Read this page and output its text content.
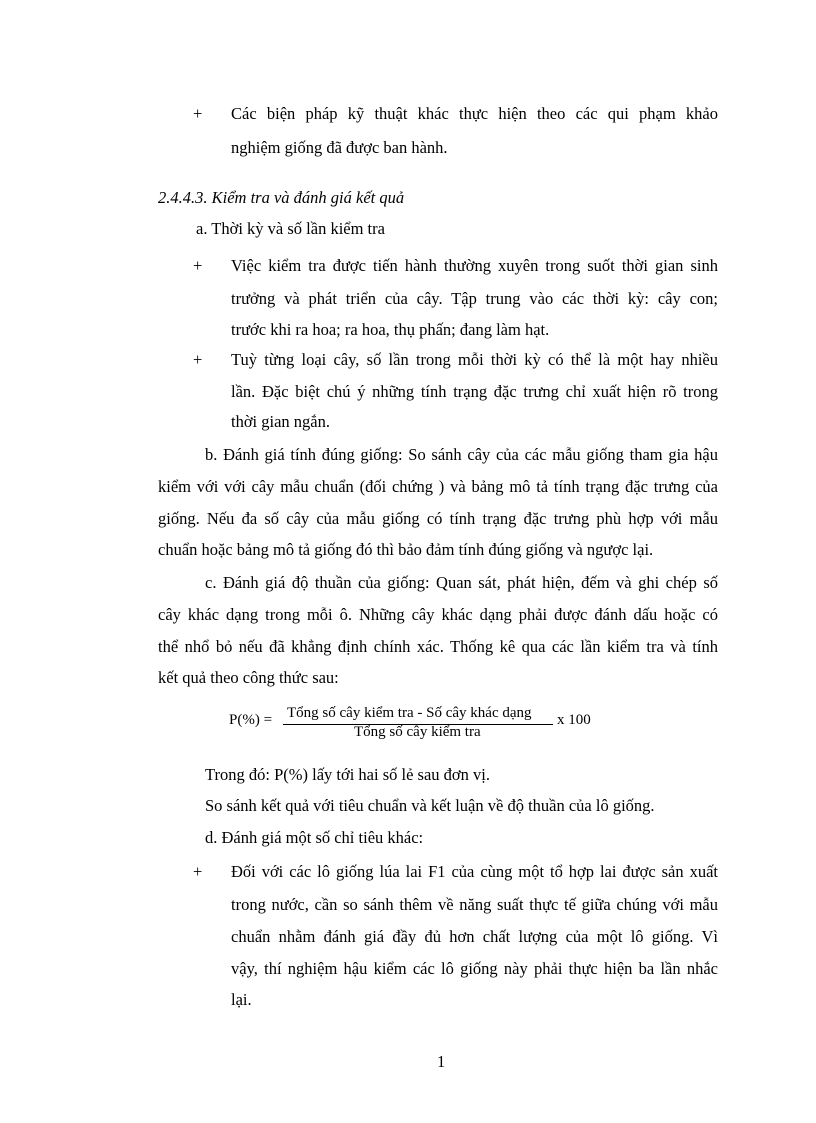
+ Các biện pháp kỹ thuật khác thực hiện theo các qui phạm khảo
nghiệm giống đã được ban hành.
2.4.4.3. Kiểm tra và đánh giá kết quả
a. Thời kỳ và số lần kiểm tra
+ Việc kiểm tra được tiến hành thường xuyên trong suốt thời gian sinh
trưởng và phát triển của cây. Tập trung vào các thời kỳ: cây con;
trước khi ra hoa; ra hoa, thụ phấn; đang làm hạt.
+ Tuỳ từng loại cây, số lần trong mỗi thời kỳ có thể là một hay nhiều
lần. Đặc biệt chú ý những tính trạng đặc trưng chỉ xuất hiện rõ trong
thời gian ngắn.
b. Đánh giá tính đúng giống: So sánh cây của các mẫu giống tham gia hậu
kiểm với với cây mẫu chuẩn (đối chứng ) và bảng mô tả tính trạng đặc trưng của
giống. Nếu đa số cây của mẫu giống có tính trạng đặc trưng phù hợp với mẫu
chuẩn hoặc bảng mô tả giống đó thì bảo đảm tính đúng giống và ngược lại.
c. Đánh giá độ thuần của giống: Quan sát, phát hiện, đếm và ghi chép số
cây khác dạng trong mỗi ô. Những cây khác dạng phải được đánh dấu hoặc có
thể nhổ bỏ nếu đã khẳng định chính xác. Thống kê qua các lần kiểm tra và tính
kết quả theo công thức sau:
P(%) = Tổng số cây kiểm tra - Số cây khác dạng
Tổng số cây kiểm tra
x 100
Trong đó: P(%) lấy tới hai số lẻ sau đơn vị.
So sánh kết quả với tiêu chuẩn và kết luận về độ thuần của lô giống.
d. Đánh giá một số chỉ tiêu khác:
+ Đối với các lô giống lúa lai F1 của cùng một tổ hợp lai được sản xuất
trong nước, cần so sánh thêm về năng suất thực tế giữa chúng với mẫu
chuẩn nhằm đánh giá đầy đủ hơn chất lượng của một lô giống. Vì
vậy, thí nghiệm hậu kiểm các lô giống này phải thực hiện ba lần nhắc
lại.
1
